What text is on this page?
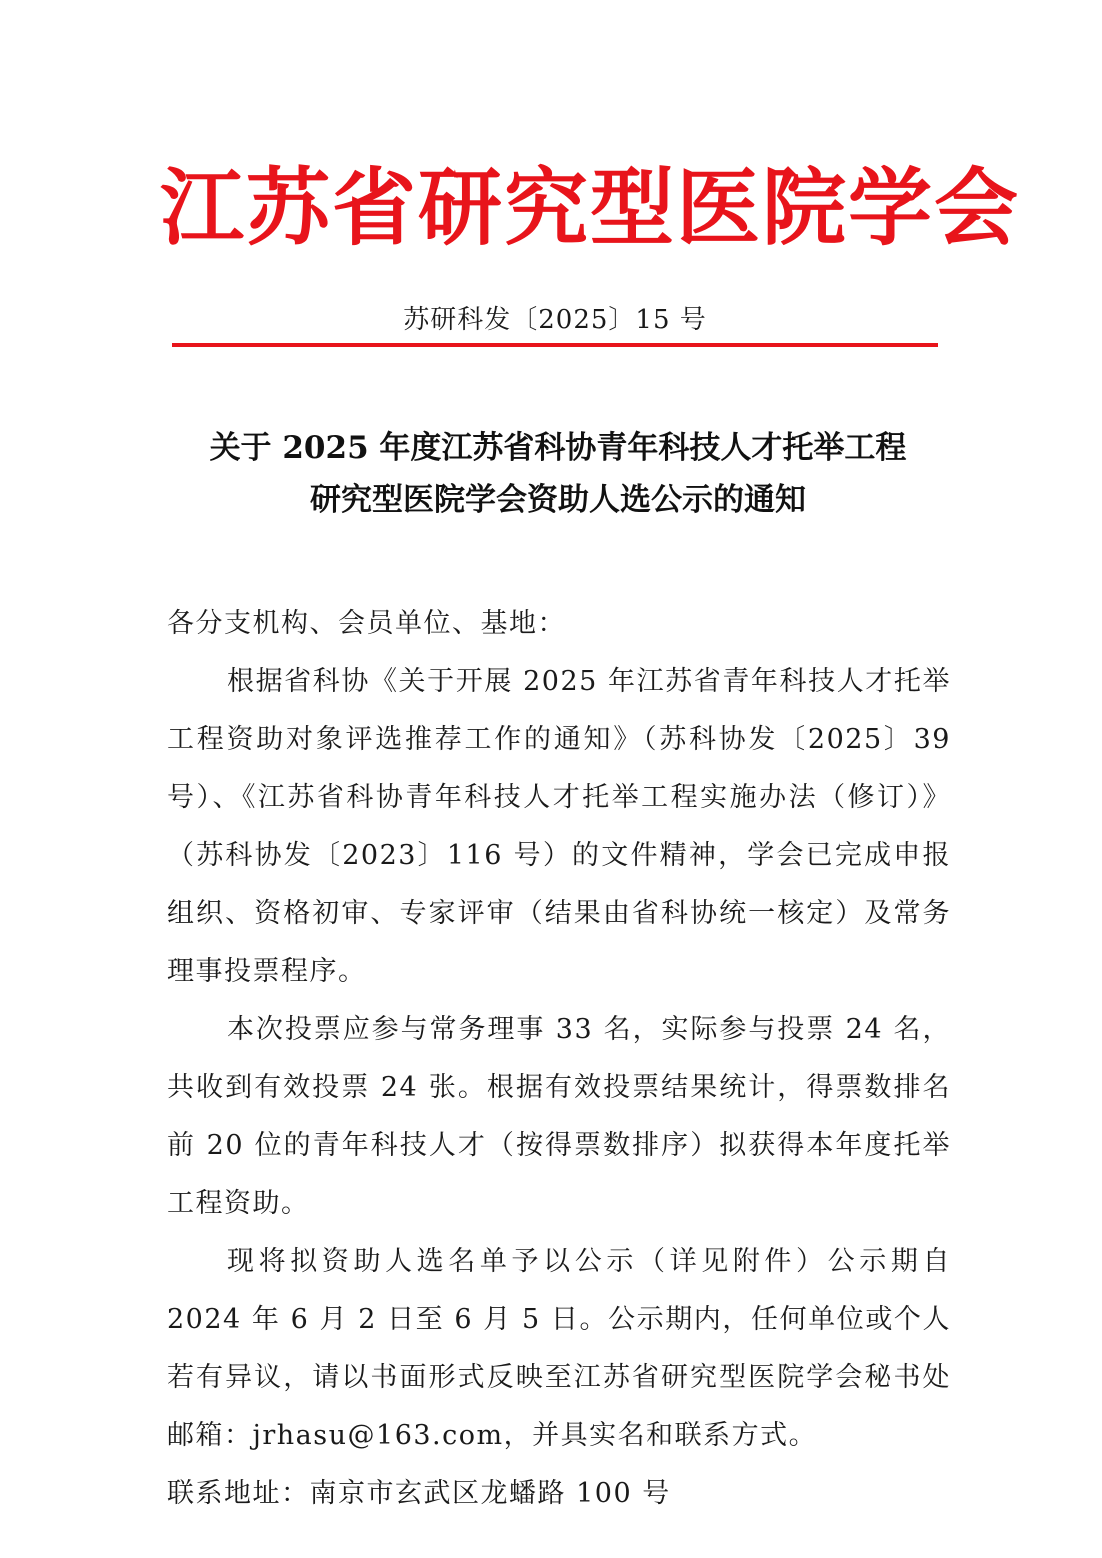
江苏省研究型医院学会
苏研科发〔2025〕15 号
关于 2025 年度江苏省科协青年科技人才托举工程
研究型医院学会资助人选公示的通知

各分支机构、会员单位、基地：

根据省科协《关于开展 2025 年江苏省青年科技人才托举工程资助对象评选推荐工作的通知》（苏科协发〔2025〕39 号）、《江苏省科协青年科技人才托举工程实施办法（修订）》（苏科协发〔2023〕116 号）的文件精神，学会已完成申报组织、资格初审、专家评审（结果由省科协统一核定）及常务理事投票程序。

本次投票应参与常务理事 33 名，实际参与投票 24 名，共收到有效投票 24 张。根据有效投票结果统计，得票数排名前 20 位的青年科技人才（按得票数排序）拟获得本年度托举工程资助。

现将拟资助人选名单予以公示（详见附件）公示期自 2024 年 6 月 2 日至 6 月 5 日。公示期内，任何单位或个人若有异议，请以书面形式反映至江苏省研究型医院学会秘书处邮箱：jrhasu@163.com，并具实名和联系方式。

联系地址：南京市玄武区龙蟠路 100 号
